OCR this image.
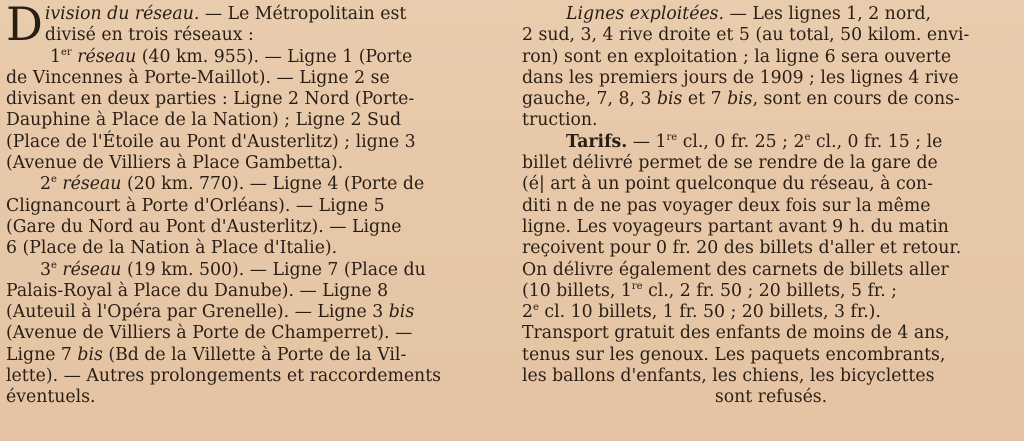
D ivision du réseau. — Le Métropolitain est
divisé en trois réseaux :
1er réseau (40 km. 955). — Ligne 1 (Porte
de Vincennes à Porte-Maillot). — Ligne 2 se
divisant en deux parties : Ligne 2 Nord (Porte-
Dauphine à Place de la Nation) ; Ligne 2 Sud
(Place de l'Étoile au Pont d'Austerlitz) ; ligne 3
(Avenue de Villiers à Place Gambetta).
2e réseau (20 km. 770). — Ligne 4 (Porte de
Clignancourt à Porte d'Orléans). — Ligne 5
(Gare du Nord au Pont d'Austerlitz). — Ligne
6 (Place de la Nation à Place d'Italie).
3e réseau (19 km. 500). — Ligne 7 (Place du
Palais-Royal à Place du Danube). — Ligne 8
(Auteuil à l'Opéra par Grenelle). — Ligne 3 bis
(Avenue de Villiers à Porte de Champerret). —
Ligne 7 bis (Bd de la Villette à Porte de la Vil-
lette). — Autres prolongements et raccordements
éventuels.
Lignes exploitées. — Les lignes 1, 2 nord,
2 sud, 3, 4 rive droite et 5 (au total, 50 kilom. envi-
ron) sont en exploitation ; la ligne 6 sera ouverte
dans les premiers jours de 1909 ; les lignes 4 rive
gauche, 7, 8, 3 bis et 7 bis, sont en cours de cons-
truction.
Tarifs. — 1re cl., 0 fr. 25 ; 2e cl., 0 fr. 15 ; le
billet délivré permet de se rendre de la gare de
(é| art à un point quelconque du réseau, à con-
diti n de ne pas voyager deux fois sur la même
ligne. Les voyageurs partant avant 9 h. du matin
reçoivent pour 0 fr. 20 des billets d'aller et retour.
On délivre également des carnets de billets aller
(10 billets, 1re cl., 2 fr. 50 ; 20 billets, 5 fr. ;
2e cl. 10 billets, 1 fr. 50 ; 20 billets, 3 fr.).
Transport gratuit des enfants de moins de 4 ans,
tenus sur les genoux. Les paquets encombrants,
les ballons d'enfants, les chiens, les bicyclettes
sont refusés.
